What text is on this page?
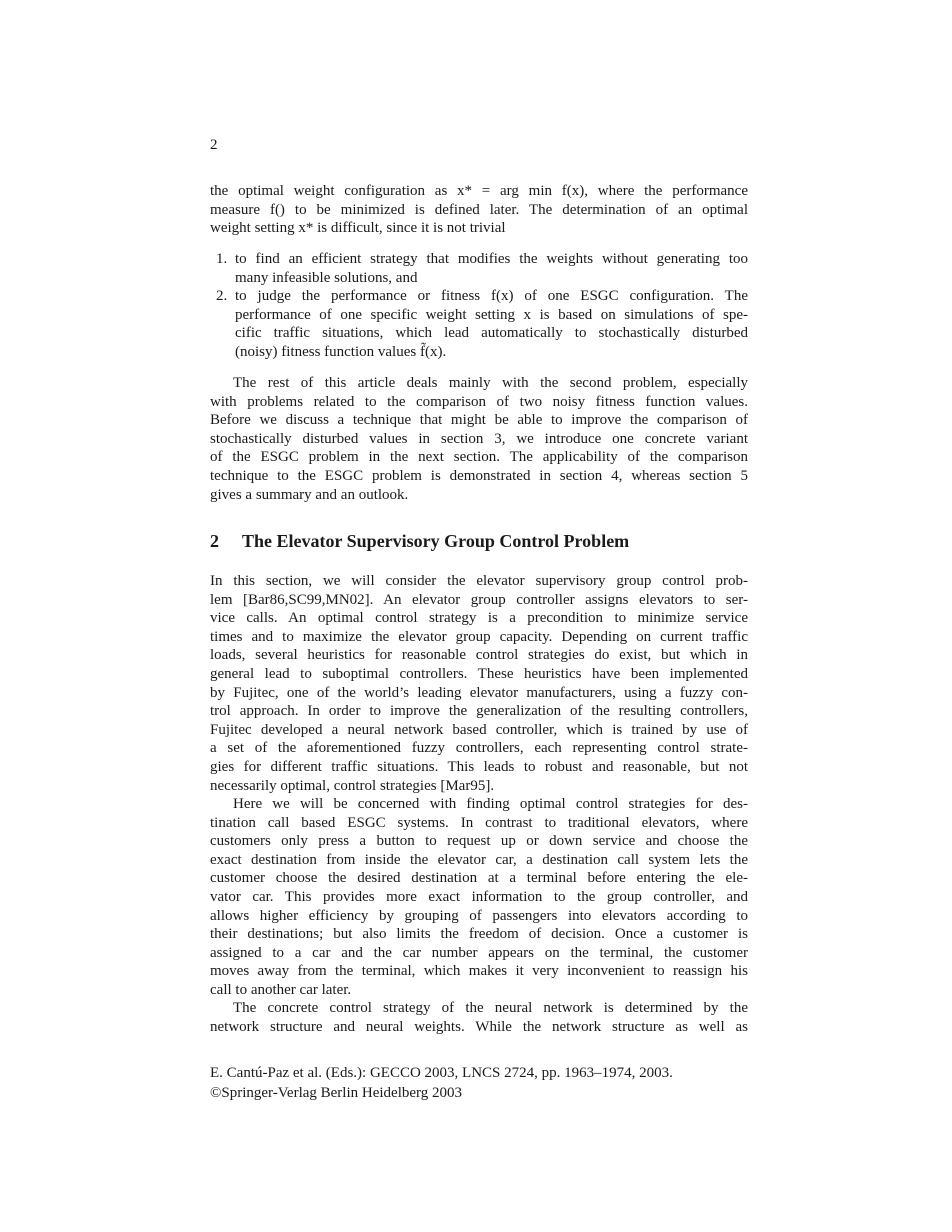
2
the optimal weight configuration as x* = arg min f(x), where the performance
measure f() to be minimized is defined later. The determination of an optimal
weight setting x* is difficult, since it is not trivial
1. to find an efficient strategy that modifies the weights without generating too
many infeasible solutions, and
2. to judge the performance or fitness f(x) of one ESGC configuration. The
performance of one specific weight setting x is based on simulations of spe-
cific traffic situations, which lead automatically to stochastically disturbed
(noisy) fitness function values f̃(x).
The rest of this article deals mainly with the second problem, especially
with problems related to the comparison of two noisy fitness function values.
Before we discuss a technique that might be able to improve the comparison of
stochastically disturbed values in section 3, we introduce one concrete variant
of the ESGC problem in the next section. The applicability of the comparison
technique to the ESGC problem is demonstrated in section 4, whereas section 5
gives a summary and an outlook.
2 The Elevator Supervisory Group Control Problem
In this section, we will consider the elevator supervisory group control prob-
lem [Bar86,SC99,MN02]. An elevator group controller assigns elevators to ser-
vice calls. An optimal control strategy is a precondition to minimize service
times and to maximize the elevator group capacity. Depending on current traffic
loads, several heuristics for reasonable control strategies do exist, but which in
general lead to suboptimal controllers. These heuristics have been implemented
by Fujitec, one of the world’s leading elevator manufacturers, using a fuzzy con-
trol approach. In order to improve the generalization of the resulting controllers,
Fujitec developed a neural network based controller, which is trained by use of
a set of the aforementioned fuzzy controllers, each representing control strate-
gies for different traffic situations. This leads to robust and reasonable, but not
necessarily optimal, control strategies [Mar95].
Here we will be concerned with finding optimal control strategies for des-
tination call based ESGC systems. In contrast to traditional elevators, where
customers only press a button to request up or down service and choose the
exact destination from inside the elevator car, a destination call system lets the
customer choose the desired destination at a terminal before entering the ele-
vator car. This provides more exact information to the group controller, and
allows higher efficiency by grouping of passengers into elevators according to
their destinations; but also limits the freedom of decision. Once a customer is
assigned to a car and the car number appears on the terminal, the customer
moves away from the terminal, which makes it very inconvenient to reassign his
call to another car later.
The concrete control strategy of the neural network is determined by the
network structure and neural weights. While the network structure as well as
E. Cantú-Paz et al. (Eds.): GECCO 2003, LNCS 2724, pp. 1963–1974, 2003.
©Springer-Verlag Berlin Heidelberg 2003
